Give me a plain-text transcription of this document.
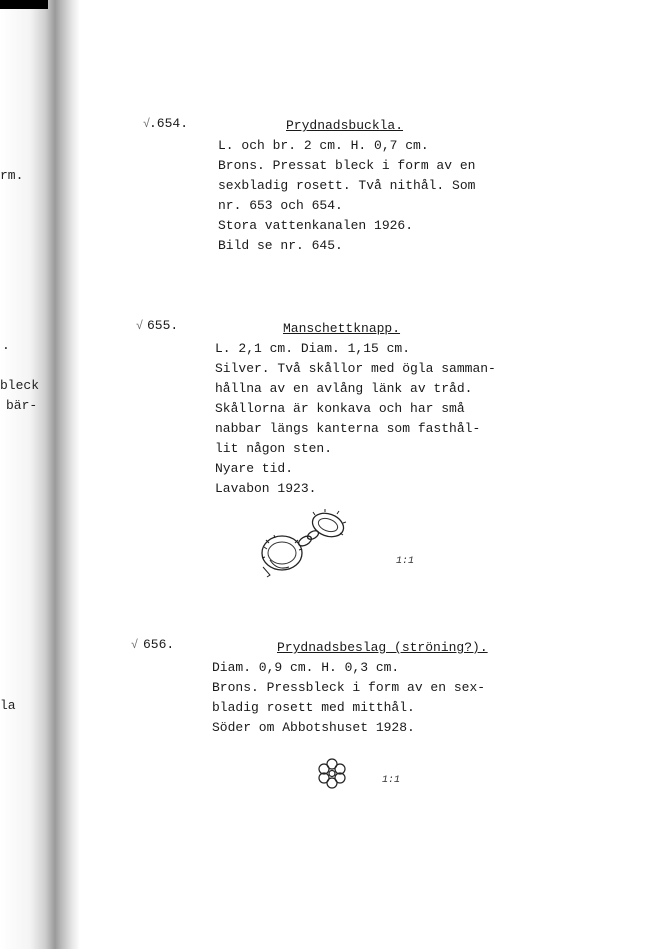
rm.
.
bleck
bär-
la
√
.654.	Prydnadsbuckla.
L. och br. 2 cm. H. 0,7 cm.
Brons. Pressat bleck i form av en
sexbladig rosett. Två nithål. Som
nr. 653 och 654.
Stora vattenkanalen 1926.
Bild se nr. 645.
√ 655.	Manschettknapp.
L. 2,1 cm. Diam. 1,15 cm.
Silver. Två skållor med ögla samman-
hållna av en avlång länk av tråd.
Skållorna är konkava och har små
nabbar längs kanterna som fasthål-
lit någon sten.
Nyare tid.
Lavabon 1923.
1:1
√ 656.	Prydnadsbeslag (ströning?).
Diam. 0,9 cm. H. 0,3 cm.
Brons. Pressbleck i form av en sex-
bladig rosett med mitthål.
Söder om Abbotshuset 1928.
1:1
